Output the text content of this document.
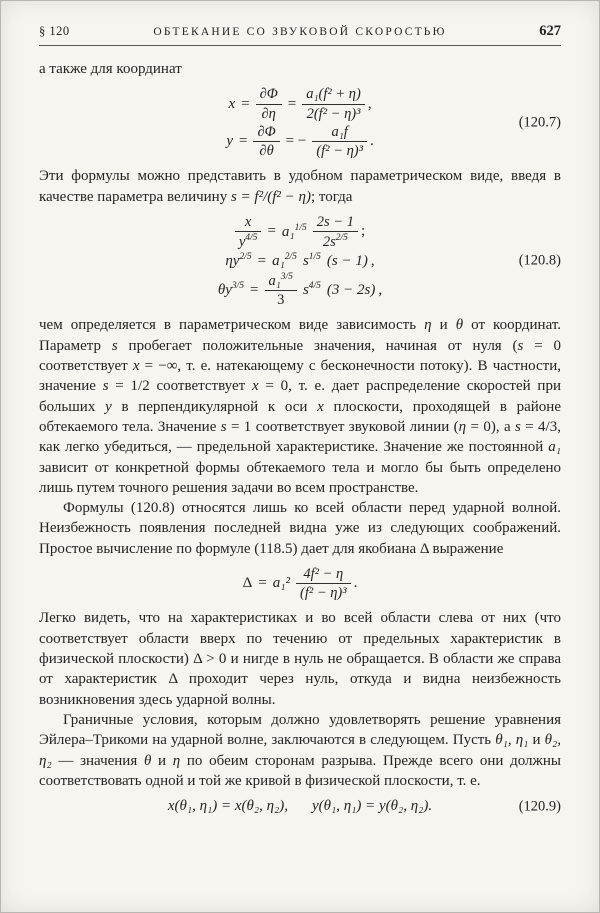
§ 120	ОБТЕКАНИЕ СО ЗВУКОВОЙ СКОРОСТЬЮ	627

а также для координат

$x = \frac{\partial\Phi}{\partial\eta} = \frac{\text{a₁(f² + η)}}{\text{2(f² − η)³}}$ ,
$y = \frac{\partial\Phi}{\partial\theta}$ = − $\frac{\text{a₁f}}{\text{(f² − η)³}}$ .
(120.7)

Эти формулы можно представить в удобном параметрическом виде, введя в качестве параметра величину s = f²/(f² − η); тогда

$\frac{x}{y^{4/5}} = a_1^{1/5} \frac{2s - 1}{2s^{2/5}}$ ;
$\eta y^{2/5} = a_1^{2/5}$ $s^{1/5}$ (s − 1) ,
$\theta y^{3/5} = \frac{a_1^{3/5}}{3} s^{4/5}$ (3 − 2s) ,
(120.8)

чем определяется в параметрическом виде зависимость η и θ от координат. Параметр s пробегает положительные значения, начиная от нуля (s = 0 соответствует x = −∞, т. е. натекающему с бесконечности потоку). В частности, значение s = 1/2 соответствует x = 0, т. е. дает распределение скоростей при больших y в перпендикулярной к оси x плоскости, проходящей в районе обтекаемого тела. Значение s = 1 соответствует звуковой линии (η = 0), а s = 4/3, как легко убедиться, — предельной характеристике. Значение же постоянной a₁ зависит от конкретной формы обтекаемого тела и могло бы быть определено лишь путем точного решения задачи во всем пространстве.

Формулы (120.8) относятся лишь ко всей области перед ударной волной. Неизбежность появления последней видна уже из следующих соображений. Простое вычисление по формуле (118.5) дает для якобиана Δ выражение

$\Delta = a_1^2 \frac{\text{4f² − η}}{\text{(f² − η)³}}$ .

Легко видеть, что на характеристиках и во всей области слева от них (что соответствует области вверх по течению от предельных характеристик в физической плоскости) Δ > 0 и нигде в нуль не обращается. В области же справа от характеристик Δ проходит через нуль, откуда и видна неизбежность возникновения здесь ударной волны.

Граничные условия, которым должно удовлетворять решение уравнения Эйлера–Трикоми на ударной волне, заключаются в следующем. Пусть θ₁, η₁ и θ₂, η₂ — значения θ и η по обеим сторонам разрыва. Прежде всего они должны соответствовать одной и той же кривой в физической плоскости, т. е.

x(θ₁, η₁) = x(θ₂, η₂), y(θ₁, η₁) = y(θ₂, η₂).	(120.9)
